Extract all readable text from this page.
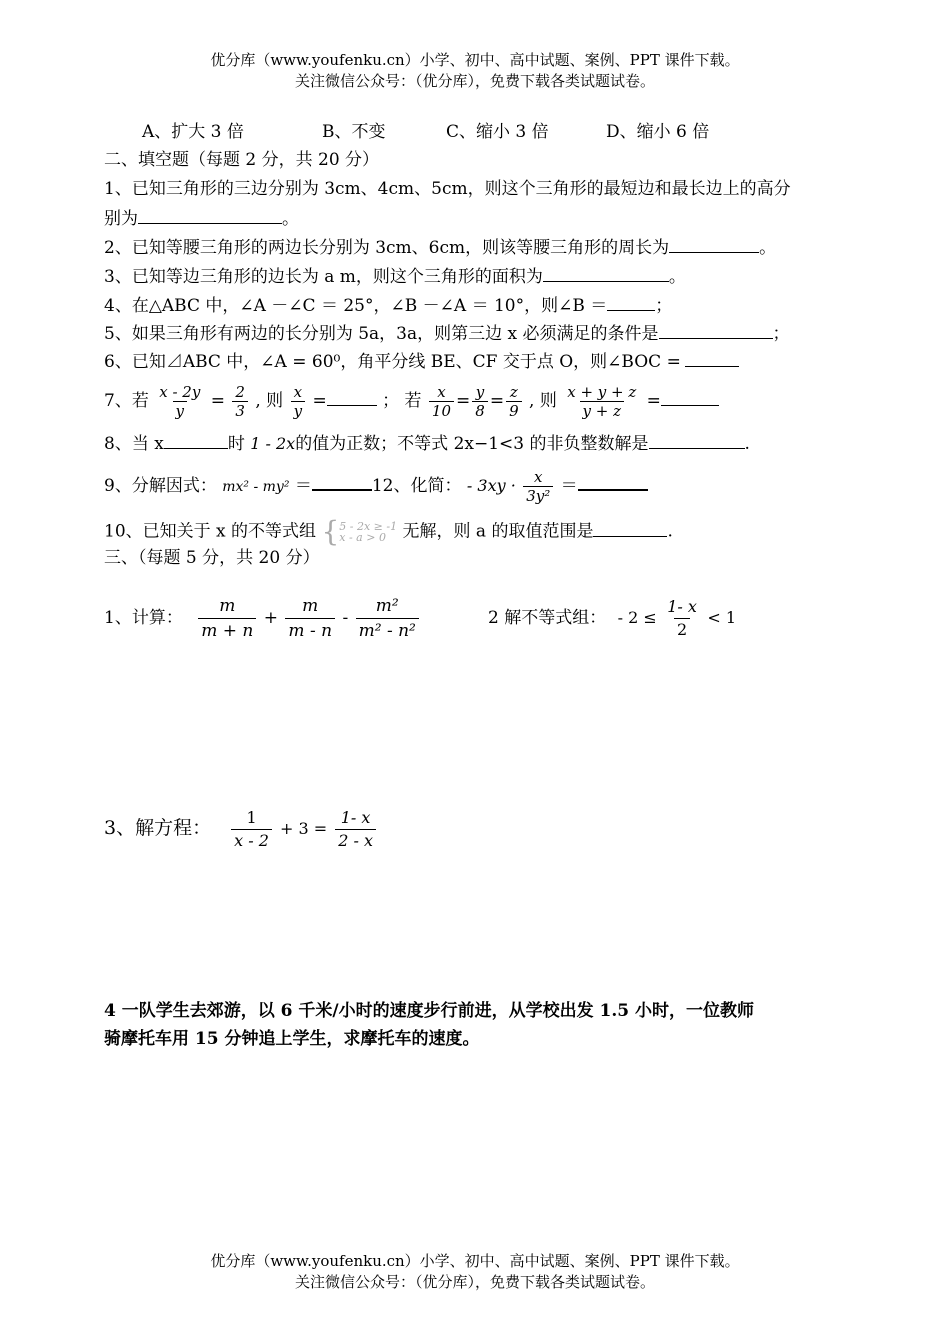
优分库（www.youfenku.cn）小学、初中、高中试题、案例、PPT 课件下载。
关注微信公众号：（优分库），免费下载各类试题试卷。
A、扩大 3 倍	B、不变	C、缩小 3 倍	D、缩小 6 倍
二、填空题（每题 2 分，共 20 分）
1、已知三角形的三边分别为 3cm、4cm、5cm，则这个三角形的最短边和最长边上的高分
别为	。
2、已知等腰三角形的两边长分别为 3cm、6cm，则该等腰三角形的周长为	。
3、已知等边三角形的边长为 a m，则这个三角形的面积为	。
4、在△ABC 中，∠A －∠C ＝ 25°，∠B －∠A ＝ 10°，则∠B ＝	；
5、如果三角形有两边的长分别为 5a，3a，则第三边 x 必须满足的条件是	；
6、已知⊿ABC 中，∠A = 60⁰，角平分线 BE、CF 交于点 O，则∠BOC =
7、若 $\frac{x - 2y}{y} = \frac{2}{3}$ , 则 $\frac{x}{y}$ =	； 若 $\frac{x}{10} = \frac{y}{8} = \frac{z}{9}$ , 则 $\frac{x + y + z}{y + z}$ =
8、当 x	时 1 - 2x的值为正数；不等式 2x−1<3 的非负整数解是	.
9、分解因式： mx² - my² ＝	12、化简： - $3xy \cdot \frac{x}{\text{3y²}}$ ＝
10、已知关于 x 的不等式组 { 5 - 2x ≥ -1
x - a > 0 无解，则 a 的取值范围是	.
三、（每题 5 分，共 20 分）
1、计算： $\frac{m}{m + n} + \frac{m}{m - n} - \frac{\text{m²}}{\text{m² - n²}}$	2 解不等式组： - $2 \le \frac{1- x}{2} < 1$
3、解方程： $\frac{1}{x - 2} + 3 = \frac{1- x}{2 - x}$
4 一队学生去郊游，以 6 千米/小时的速度步行前进，从学校出发 1.5 小时，一位教师
骑摩托车用 15 分钟追上学生，求摩托车的速度。
优分库（www.youfenku.cn）小学、初中、高中试题、案例、PPT 课件下载。
关注微信公众号：（优分库），免费下载各类试题试卷。
